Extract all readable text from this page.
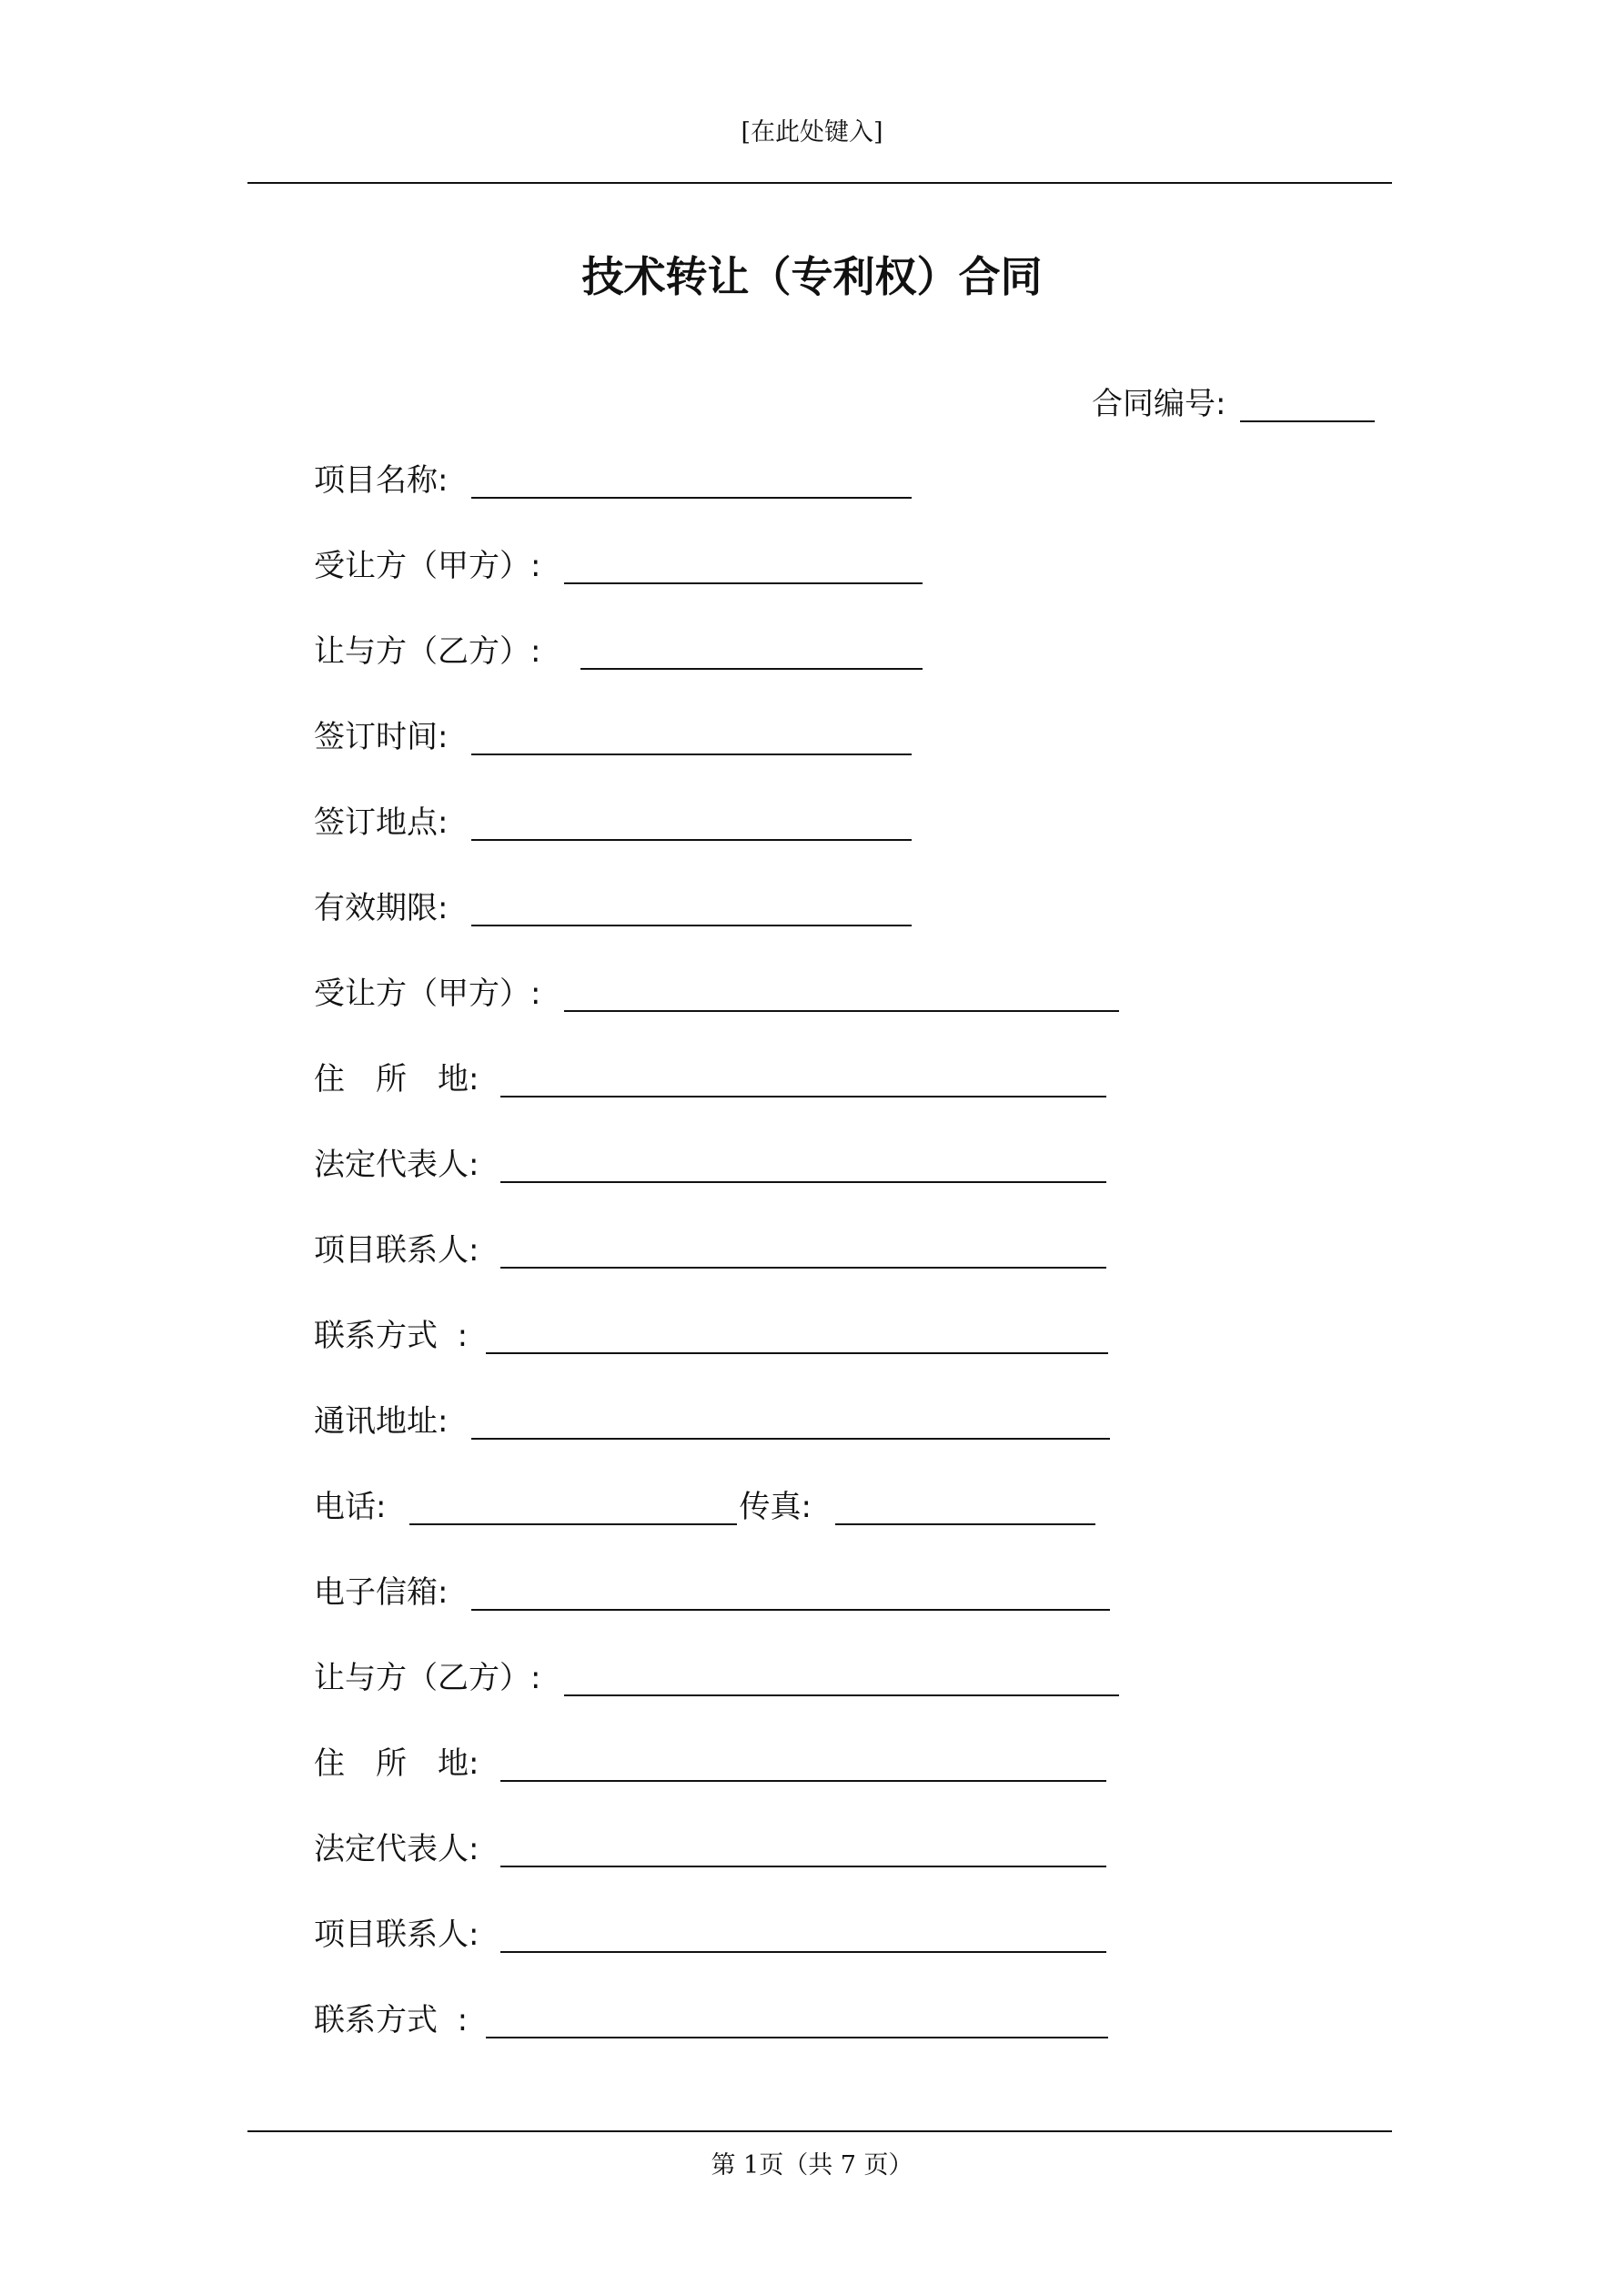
[在此处键入]
技术转让（专利权）合同
合同编号:
项目名称:
受让方（甲方）:
让与方（乙方）:
签订时间:
签订地点:
有效期限:
受让方（甲方）:
住　所　地:
法定代表人:
项目联系人:
联系方式  :
通讯地址:
电话:	传真:
电子信箱:
让与方（乙方）:
住　所　地:
法定代表人:
项目联系人:
联系方式  :
第 1页（共 7 页）
